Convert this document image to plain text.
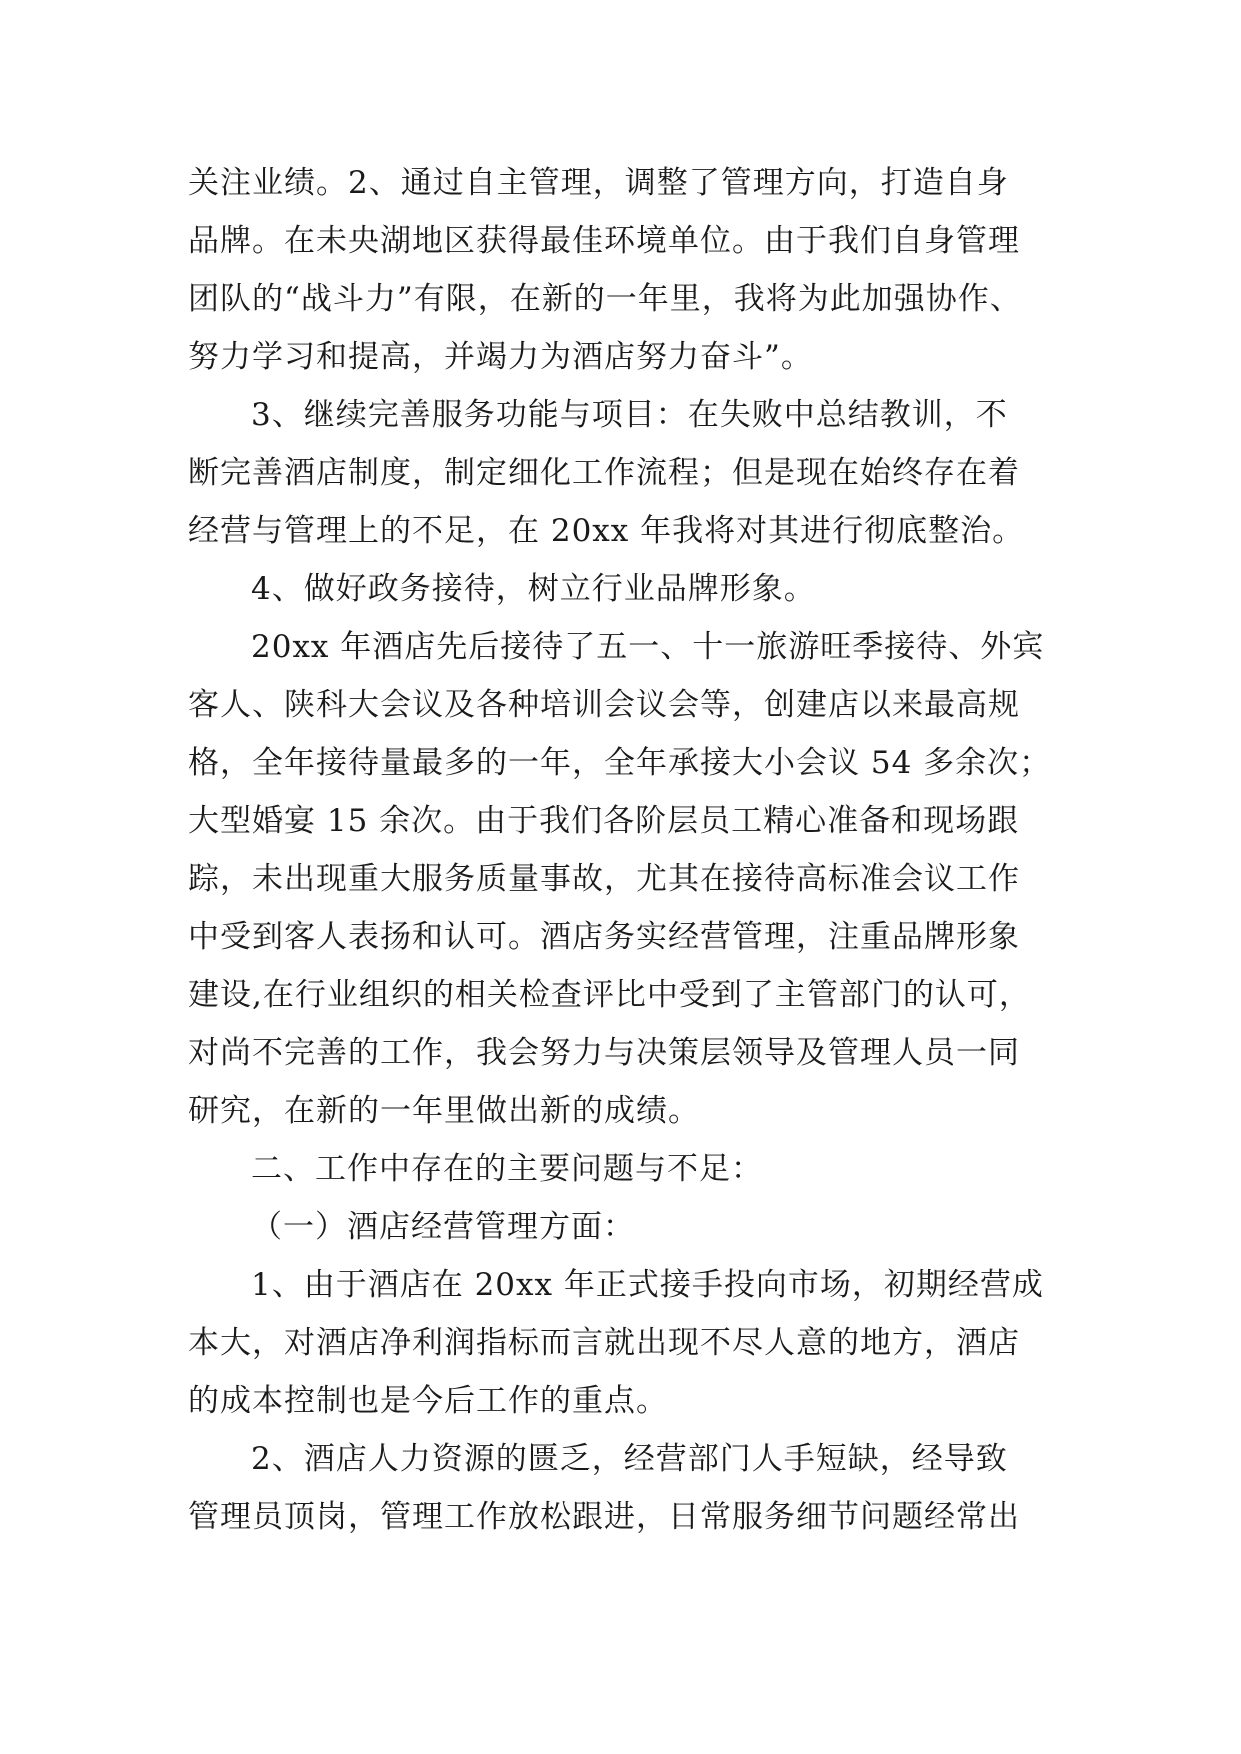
关注业绩。2、通过自主管理，调整了管理方向，打造自身
品牌。在未央湖地区获得最佳环境单位。由于我们自身管理
团队的“战斗力”有限，在新的一年里，我将为此加强协作、
努力学习和提高，并竭力为酒店努力奋斗”。
3、继续完善服务功能与项目：在失败中总结教训，不
断完善酒店制度，制定细化工作流程；但是现在始终存在着
经营与管理上的不足，在 20xx 年我将对其进行彻底整治。
4、做好政务接待，树立行业品牌形象。
20xx 年酒店先后接待了五一、十一旅游旺季接待、外宾
客人、陕科大会议及各种培训会议会等，创建店以来最高规
格，全年接待量最多的一年，全年承接大小会议 54 多余次；
大型婚宴 15 余次。由于我们各阶层员工精心准备和现场跟
踪，未出现重大服务质量事故，尤其在接待高标准会议工作
中受到客人表扬和认可。酒店务实经营管理，注重品牌形象
建设,在行业组织的相关检查评比中受到了主管部门的认可，
对尚不完善的工作，我会努力与决策层领导及管理人员一同
研究，在新的一年里做出新的成绩。
二、工作中存在的主要问题与不足：
（一）酒店经营管理方面：
1、由于酒店在 20xx 年正式接手投向市场，初期经营成
本大，对酒店净利润指标而言就出现不尽人意的地方，酒店
的成本控制也是今后工作的重点。
2、酒店人力资源的匮乏，经营部门人手短缺，经导致
管理员顶岗，管理工作放松跟进，日常服务细节问题经常出
